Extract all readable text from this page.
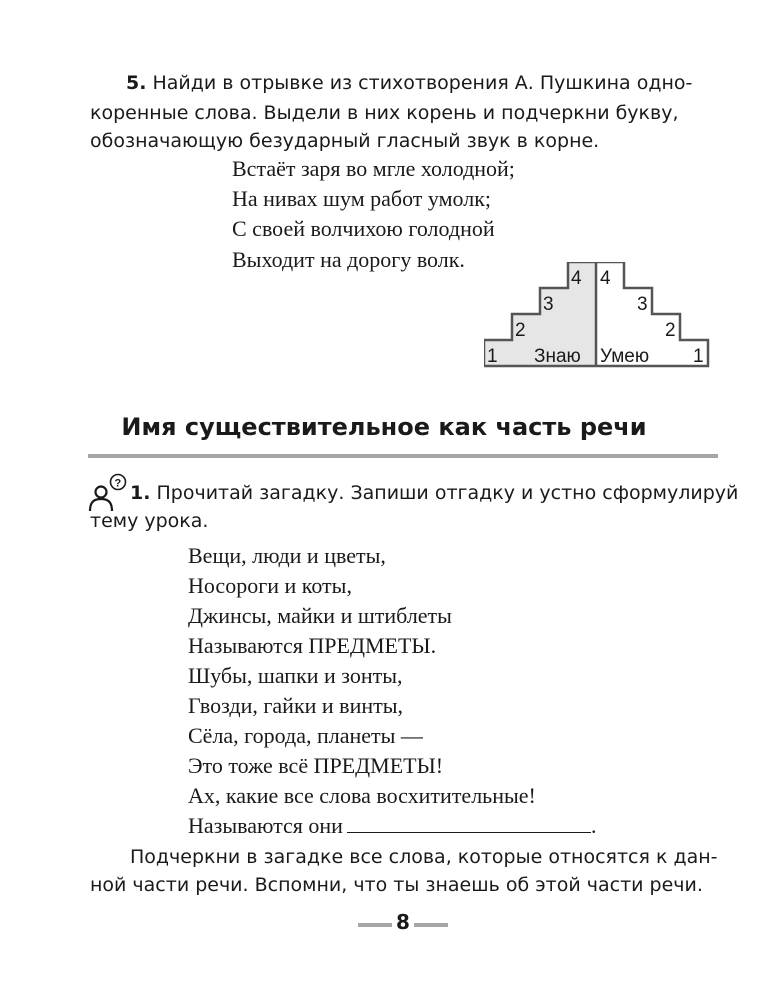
5. Найди в отрывке из стихотворения А. Пушкина одно-
коренные слова. Выдели в них корень и подчеркни букву,
обозначающую безударный гласный звук в корне.
Встаёт заря во мгле холодной;
На нивах шум работ умолк;
С своей волчихою голодной
Выходит на дорогу волк.
1
2
3
4 4
3
2
1
Знаю Умею
Имя существительное как часть речи
? 1. Прочитай загадку. Запиши отгадку и устно сформулируй
тему урока.
Вещи, люди и цветы,
Носороги и коты,
Джинсы, майки и штиблеты
Называются ПРЕДМЕТЫ.
Шубы, шапки и зонты,
Гвозди, гайки и винты,
Сёла, города, планеты —
Это тоже всё ПРЕДМЕТЫ!
Ах, какие все слова восхитительные!
Называются они	.
Подчеркни в загадке все слова, которые относятся к дан-
ной части речи. Вспомни, что ты знаешь об этой части речи.
8
